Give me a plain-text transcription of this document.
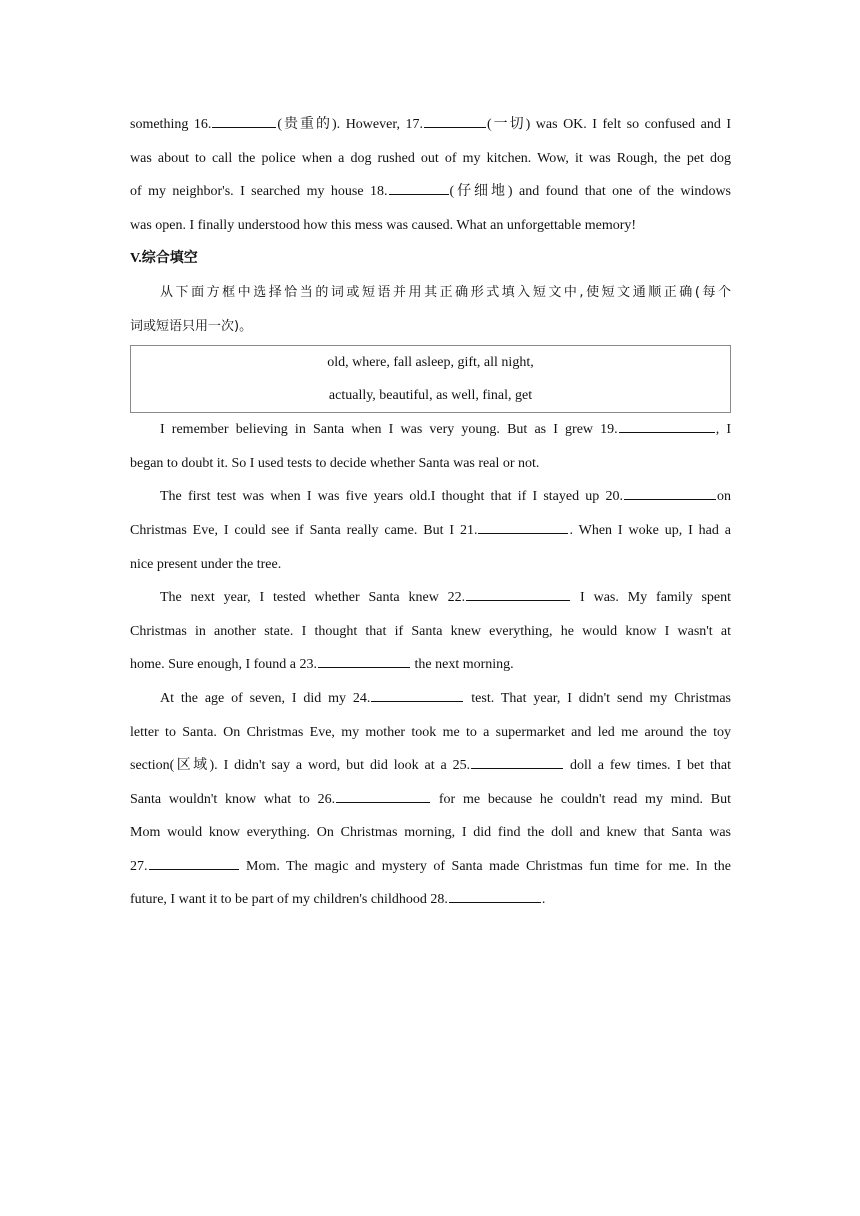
something 16.	(贵重的). However, 17.	(一切) was OK. I felt so confused and I
was about to call the police when a dog rushed out of my kitchen. Wow, it was Rough, the pet dog
of my neighbor's. I searched my house 18.	(仔细地) and found that one of the windows
was open. I finally understood how this mess was caused. What an unforgettable memory!
V.综合填空
从下面方框中选择恰当的词或短语并用其正确形式填入短文中,使短文通顺正确(每个
词或短语只用一次)。
old, where, fall asleep, gift, all night,
actually, beautiful, as well, final, get
I remember believing in Santa when I was very young. But as I grew 19.	, I
began to doubt it. So I used tests to decide whether Santa was real or not.
The first test was when I was five years old.I thought that if I stayed up 20.	on
Christmas Eve, I could see if Santa really came. But I 21.	. When I woke up, I had a
nice present under the tree.
The next year, I tested whether Santa knew 22.	I was. My family spent
Christmas in another state. I thought that if Santa knew everything, he would know I wasn't at
home. Sure enough, I found a 23.	the next morning.
At the age of seven, I did my 24.	test. That year, I didn't send my Christmas
letter to Santa. On Christmas Eve, my mother took me to a supermarket and led me around the toy
section(区域). I didn't say a word, but did look at a 25.	doll a few times. I bet that
Santa wouldn't know what to 26.	for me because he couldn't read my mind. But
Mom would know everything. On Christmas morning, I did find the doll and knew that Santa was
27.	Mom. The magic and mystery of Santa made Christmas fun time for me. In the
future, I want it to be part of my children's childhood 28.	.
